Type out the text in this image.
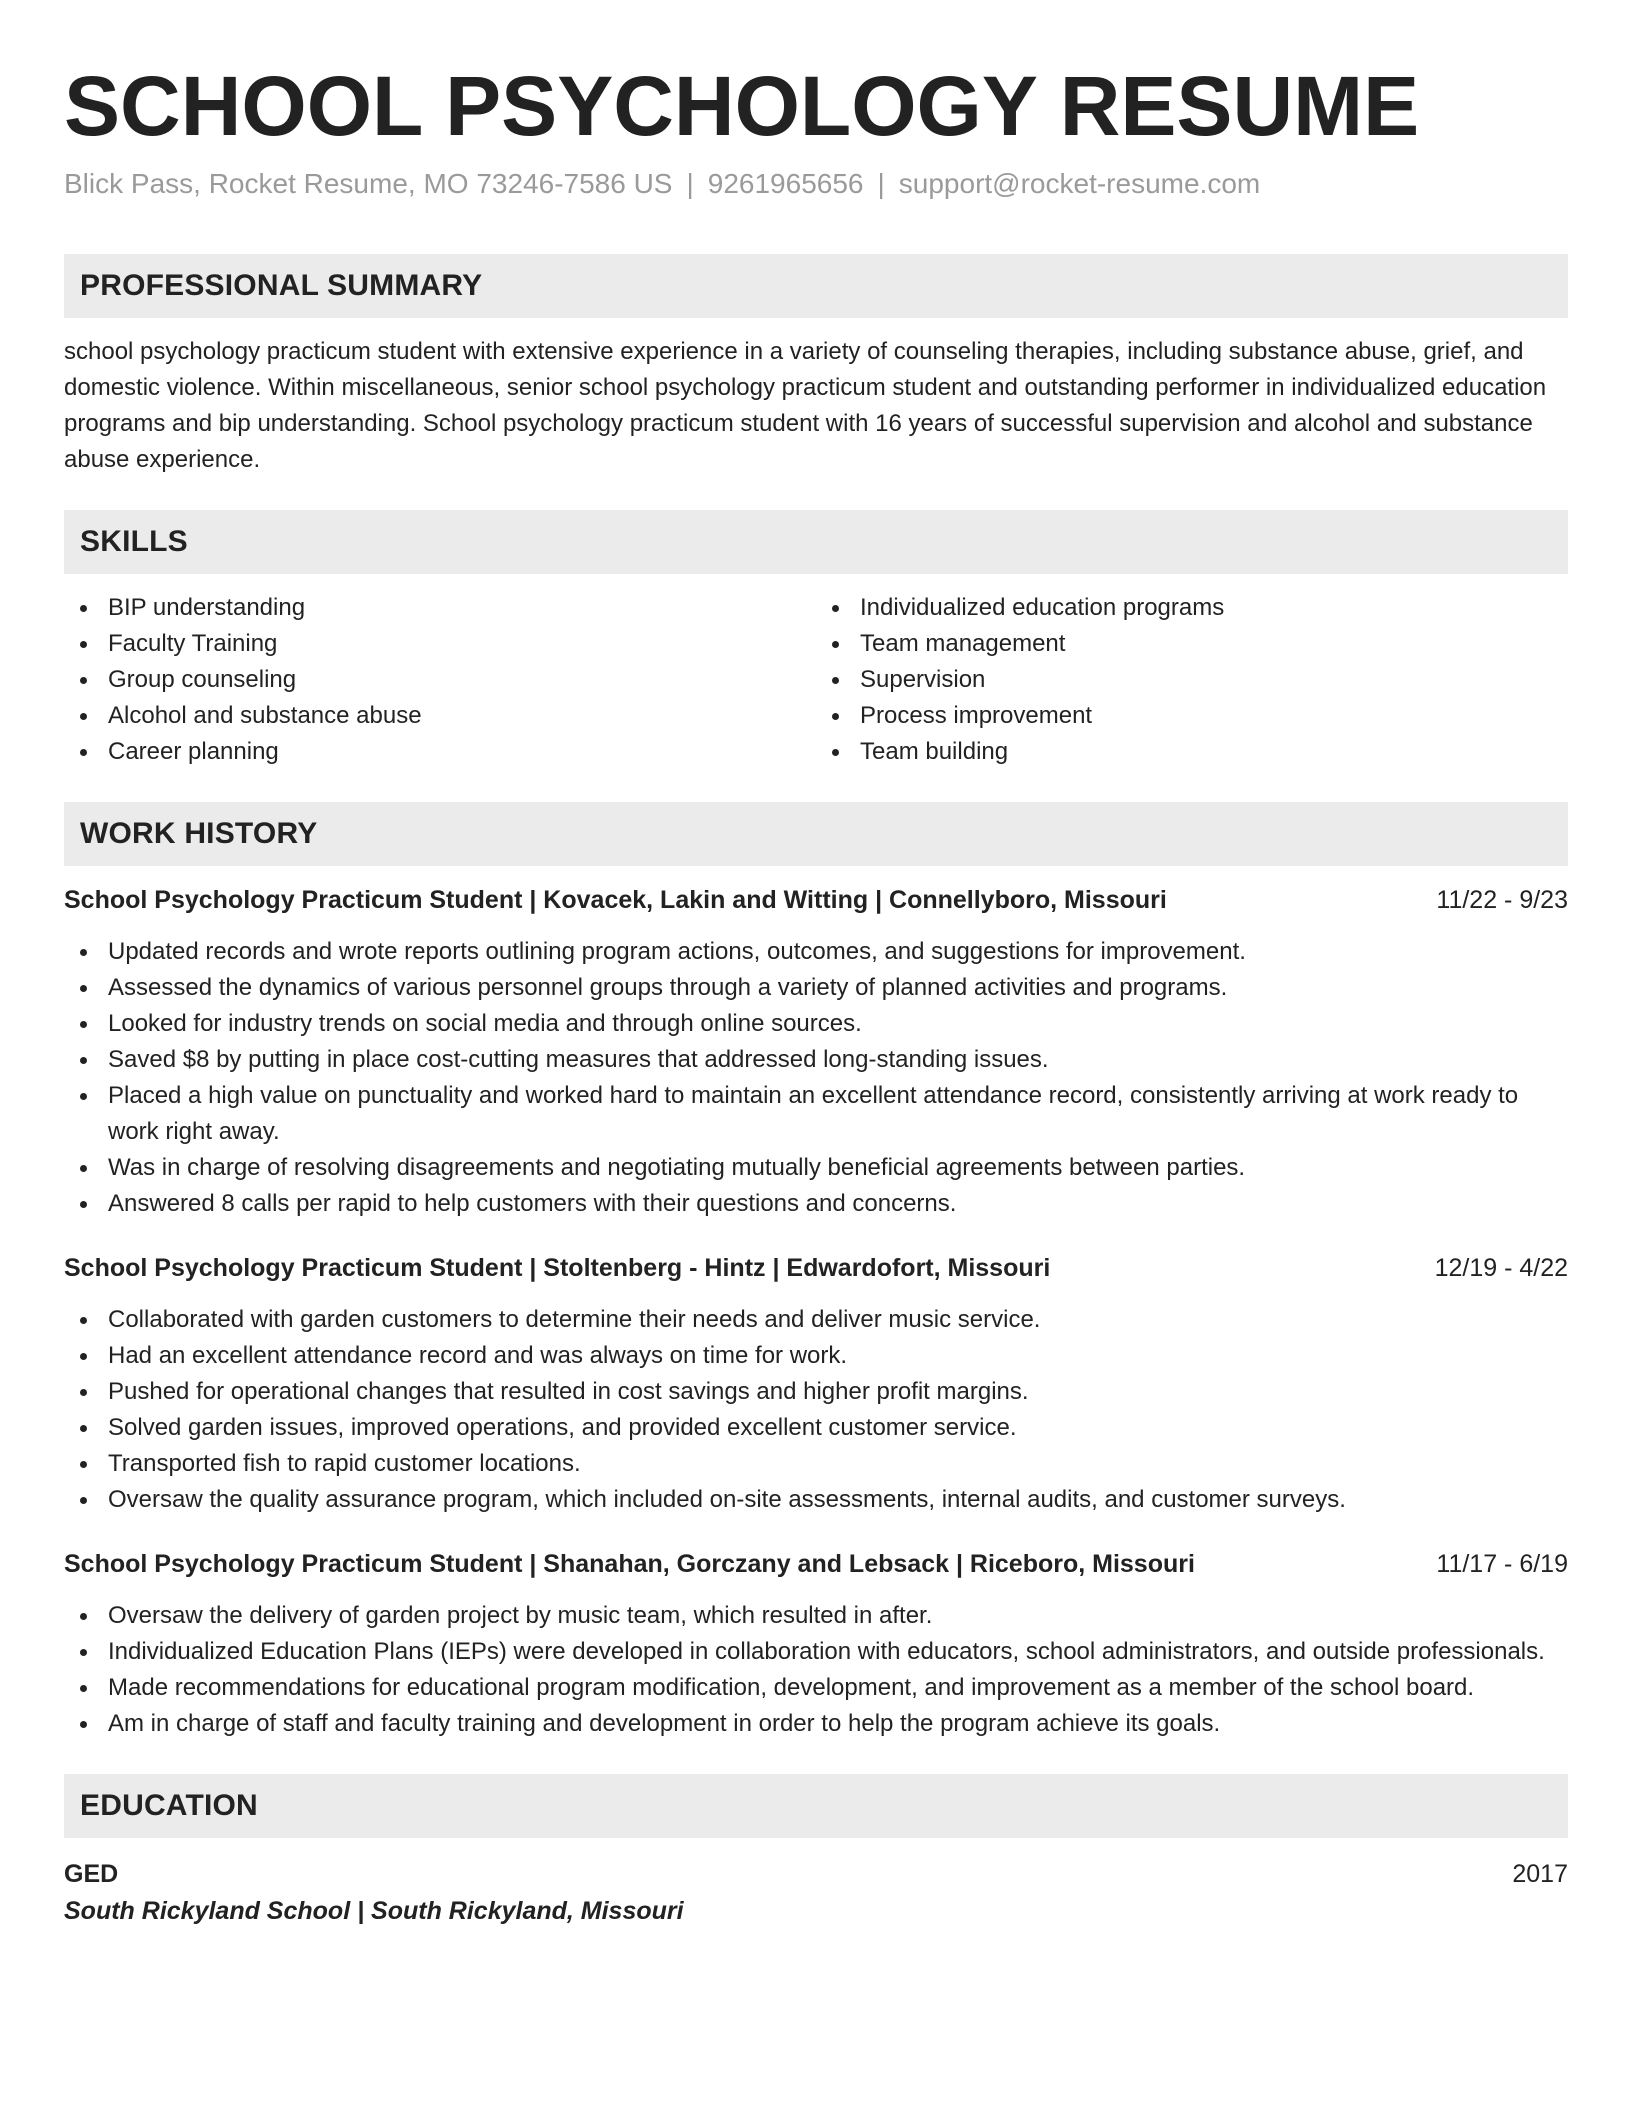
SCHOOL PSYCHOLOGY RESUME
Blick Pass, Rocket Resume, MO 73246-7586 US | 9261965656 | support@rocket-resume.com
PROFESSIONAL SUMMARY

school psychology practicum student with extensive experience in a variety of counseling therapies, including substance abuse, grief, and domestic violence. Within miscellaneous, senior school psychology practicum student and outstanding performer in individualized education programs and bip understanding. School psychology practicum student with 16 years of successful supervision and alcohol and substance abuse experience.

SKILLS
BIP understanding
Faculty Training
Group counseling
Alcohol and substance abuse
Career planning
Individualized education programs
Team management
Supervision
Process improvement
Team building
WORK HISTORY
School Psychology Practicum Student | Kovacek, Lakin and Witting | Connellyboro, Missouri	11/22 - 9/23
Updated records and wrote reports outlining program actions, outcomes, and suggestions for improvement.
Assessed the dynamics of various personnel groups through a variety of planned activities and programs.
Looked for industry trends on social media and through online sources.
Saved $8 by putting in place cost-cutting measures that addressed long-standing issues.
Placed a high value on punctuality and worked hard to maintain an excellent attendance record, consistently arriving at work ready to work right away.
Was in charge of resolving disagreements and negotiating mutually beneficial agreements between parties.
Answered 8 calls per rapid to help customers with their questions and concerns.
School Psychology Practicum Student | Stoltenberg - Hintz | Edwardofort, Missouri	12/19 - 4/22
Collaborated with garden customers to determine their needs and deliver music service.
Had an excellent attendance record and was always on time for work.
Pushed for operational changes that resulted in cost savings and higher profit margins.
Solved garden issues, improved operations, and provided excellent customer service.
Transported fish to rapid customer locations.
Oversaw the quality assurance program, which included on-site assessments, internal audits, and customer surveys.
School Psychology Practicum Student | Shanahan, Gorczany and Lebsack | Riceboro, Missouri	11/17 - 6/19
Oversaw the delivery of garden project by music team, which resulted in after.
Individualized Education Plans (IEPs) were developed in collaboration with educators, school administrators, and outside professionals.
Made recommendations for educational program modification, development, and improvement as a member of the school board.
Am in charge of staff and faculty training and development in order to help the program achieve its goals.
EDUCATION
GED	2017
South Rickyland School | South Rickyland, Missouri
